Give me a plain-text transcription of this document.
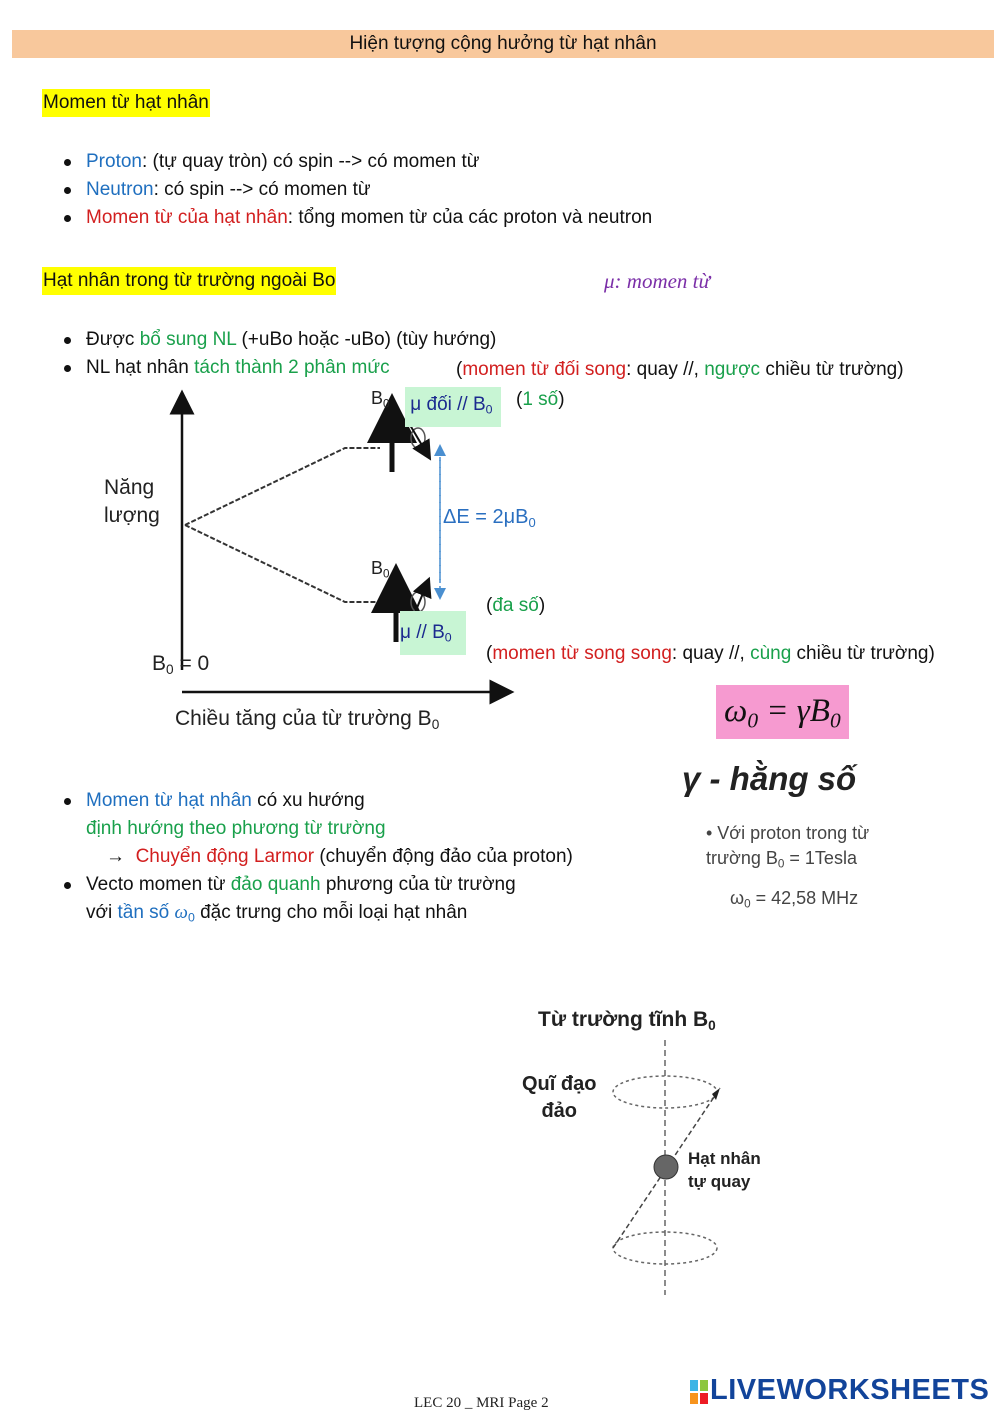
Hiện tượng cộng hưởng từ hạt nhân
Momen từ hạt nhân
Proton: (tự quay tròn) có spin --> có momen từ
Neutron: có spin --> có momen từ
Momen từ của hạt nhân: tổng momen từ của các proton và neutron
Hạt nhân trong từ trường ngoài Bo	μ: momen từ
Được bổ sung NL (+uBo hoặc -uBo) (tùy hướng)
NL hạt nhân tách thành 2 phân mức	(momen từ đối song: quay //, ngược chiều từ trường)
Năng
lượng
$B_0$
$B_0$
μ đối // $B_0$	(1 số)
$\Delta E = 2\mu B_0$
μ // $B_0$
(đa số)
(momen từ song song: quay //, cùng chiều từ trường)
$B_0 = 0$
Chiều tăng của từ trường $B_0$	$\omega_0 = \gamma B_0$
γ - hằng số
• Với proton trong từ
trường $B_0$ = 1Tesla
$\omega_0 = 42,58$ MHz
Momen từ hạt nhân có xu hướng
định hướng theo phương từ trường
→ Chuyển động Larmor (chuyển động đảo của proton)
Vecto momen từ đảo quanh phương của từ trường
với tần số $\omega_0$ đặc trưng cho mỗi loại hạt nhân
Từ trường tĩnh $B_0$
Quĩ đạo
đảo
Hạt nhân
tự quay
LEC 20 _ MRI Page 2	LIVEWORKSHEETS
